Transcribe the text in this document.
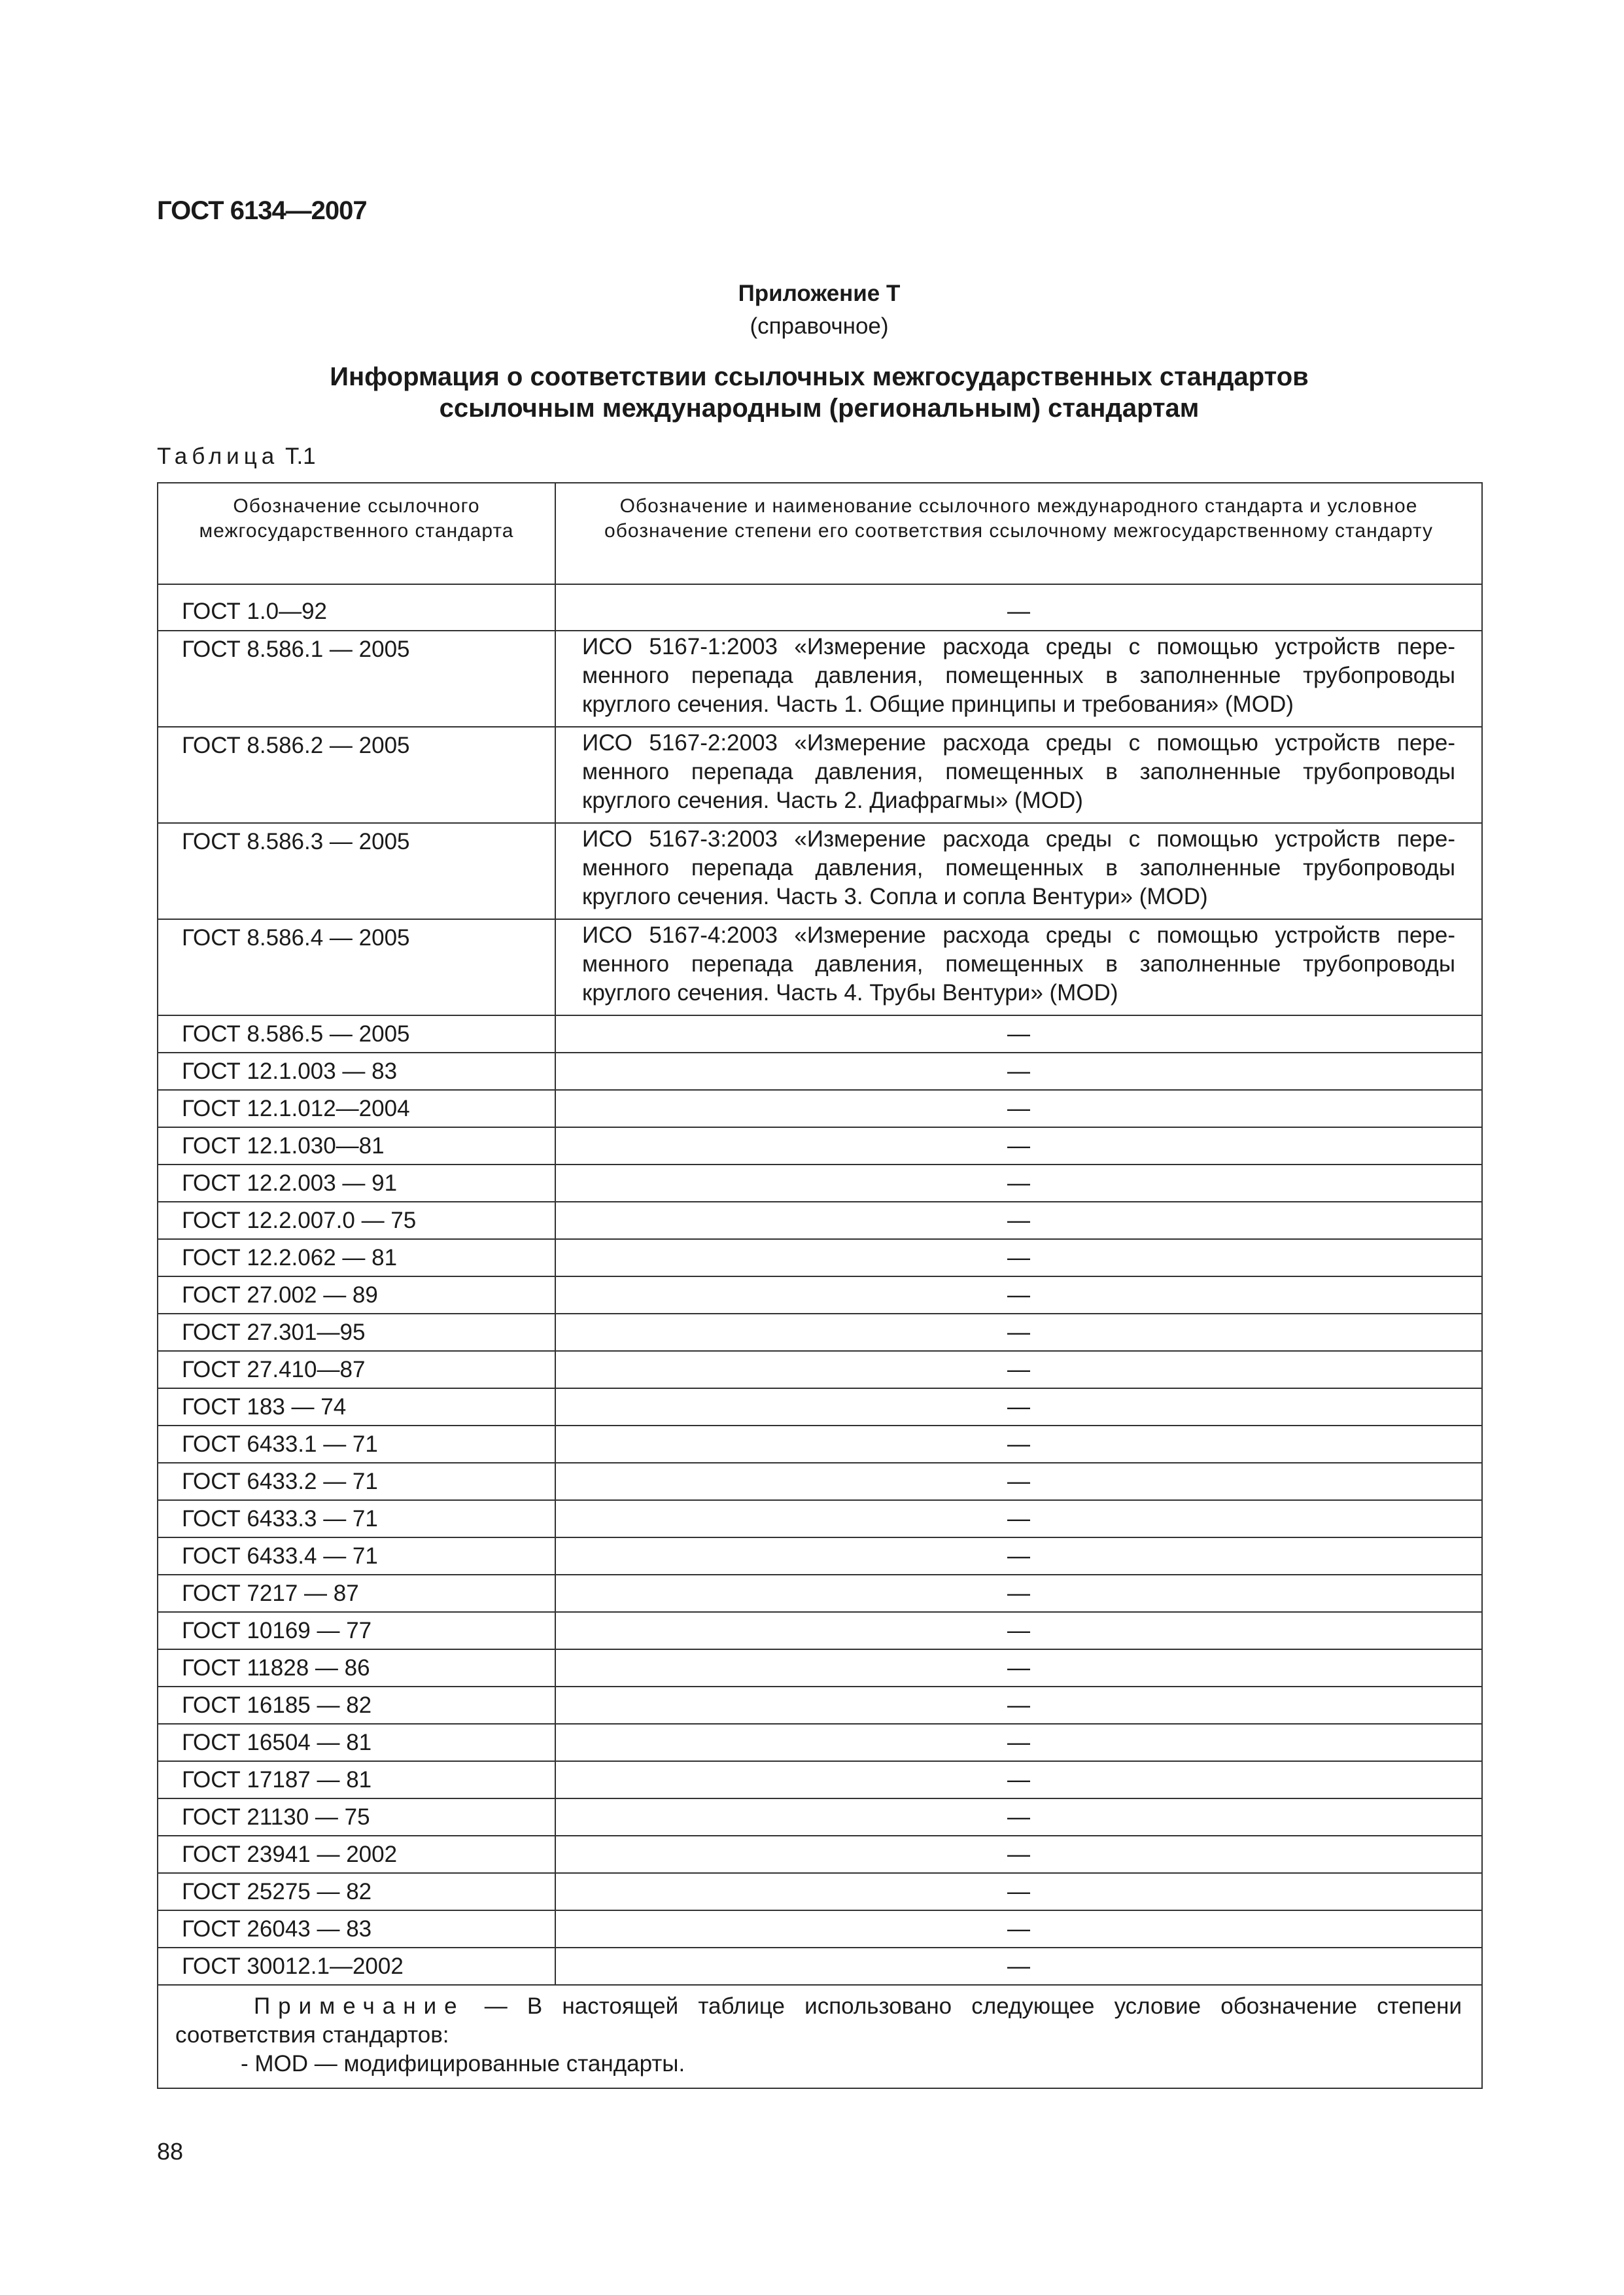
ГОСТ 6134—2007

Приложение Т
(справочное)
Информация о соответствии ссылочных межгосударственных стандартов
ссылочным международным (региональным) стандартам

Таблица Т.1

Обозначение ссылочного межгосударственного стандарта	Обозначение и наименование ссылочного международного стандарта и условное обозначение степени его соответствия ссылочному межгосударственному стандарту

ГОСТ 1.0—92	—
ГОСТ 8.586.1 — 2005	ИСО 5167-1:2003 «Измерение расхода среды с помощью устройств пере-менного перепада давления, помещенных в заполненные трубопроводы круглого сечения. Часть 1. Общие принципы и требования» (MOD)
ГОСТ 8.586.2 — 2005	ИСО 5167-2:2003 «Измерение расхода среды с помощью устройств пере-менного перепада давления, помещенных в заполненные трубопроводы круглого сечения. Часть 2. Диафрагмы» (MOD)
ГОСТ 8.586.3 — 2005	ИСО 5167-3:2003 «Измерение расхода среды с помощью устройств пере-менного перепада давления, помещенных в заполненные трубопроводы круглого сечения. Часть 3. Сопла и сопла Вентури» (MOD)
ГОСТ 8.586.4 — 2005	ИСО 5167-4:2003 «Измерение расхода среды с помощью устройств пере-менного перепада давления, помещенных в заполненные трубопроводы круглого сечения. Часть 4. Трубы Вентури» (MOD)
ГОСТ 8.586.5 — 2005	—
ГОСТ 12.1.003 — 83	—
ГОСТ 12.1.012—2004	—
ГОСТ 12.1.030—81	—
ГОСТ 12.2.003 — 91	—
ГОСТ 12.2.007.0 — 75	—
ГОСТ 12.2.062 — 81	—
ГОСТ 27.002 — 89	—
ГОСТ 27.301—95	—
ГОСТ 27.410—87	—
ГОСТ 183 — 74	—
ГОСТ 6433.1 — 71	—
ГОСТ 6433.2 — 71	—
ГОСТ 6433.3 — 71	—
ГОСТ 6433.4 — 71	—
ГОСТ 7217 — 87	—
ГОСТ 10169 — 77	—
ГОСТ 11828 — 86	—
ГОСТ 16185 — 82	—
ГОСТ 16504 — 81	—
ГОСТ 17187 — 81	—
ГОСТ 21130 — 75	—
ГОСТ 23941 — 2002	—
ГОСТ 25275 — 82	—
ГОСТ 26043 — 83	—
ГОСТ 30012.1—2002	—

Примечание — В настоящей таблице использовано следующее условие обозначение степени соответствия стандартов:
- MOD — модифицированные стандарты.	

88
